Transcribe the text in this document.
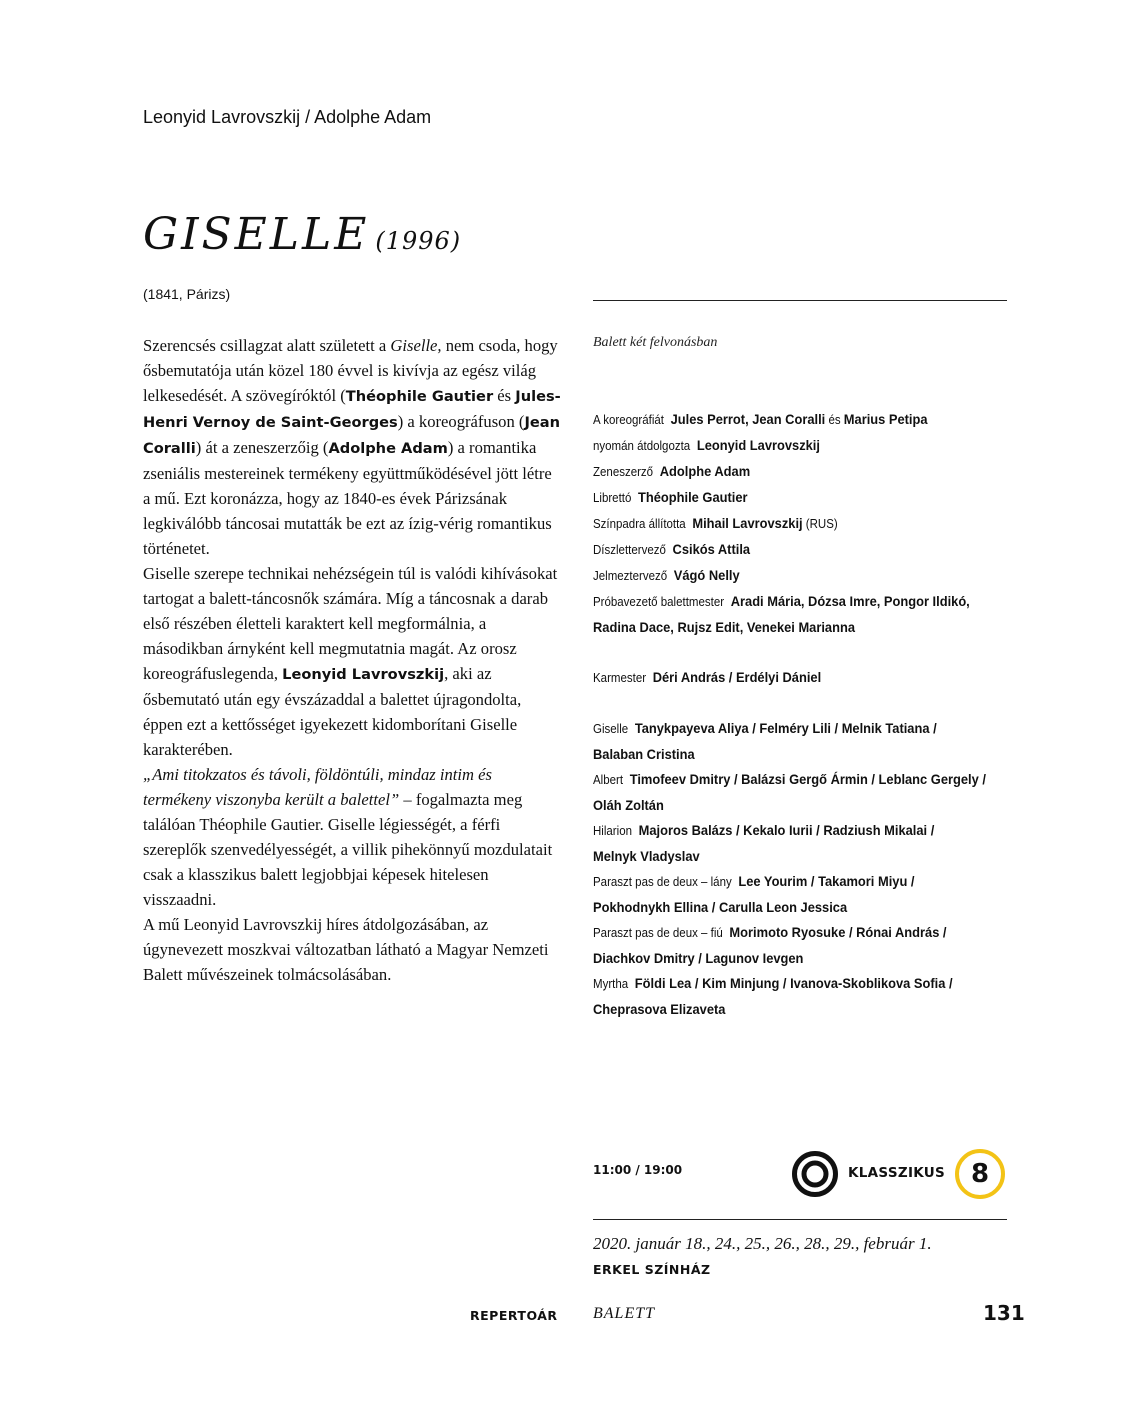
Leonyid Lavrovszkij / Adolphe Adam
GISELLE (1996)
(1841, Párizs)

Szerencsés csillagzat alatt született a Giselle, nem csoda, hogy ősbemutatója után közel 180 évvel is kivívja az egész világ lelkesedését. A szövegíróktól (Théophile Gautier és Jules-Henri Vernoy de Saint-Georges) a koreográfuson (Jean Coralli) át a zeneszerzőig (Adolphe Adam) a romantika zseniális mestereinek termékeny együttműködésével jött létre a mű. Ezt koronázza, hogy az 1840-es évek Párizsának legkiválóbb táncosai mutatták be ezt az ízig-vérig romantikus történetet.

Giselle szerepe technikai nehézségein túl is valódi kihívásokat tartogat a balett-táncosnők számára. Míg a táncosnak a darab első részében életteli karaktert kell megformálnia, a másodikban árnyként kell megmutatnia magát. Az orosz koreográfuslegenda, Leonyid Lavrovszkij, aki az ősbemutató után egy évszázaddal a balettet újragondolta, éppen ezt a kettősséget igyekezett kidomborítani Giselle karakterében.

„Ami titokzatos és távoli, földöntúli, mindaz intim és termékeny viszonyba került a balettel” – fogalmazta meg találóan Théophile Gautier. Giselle légiességét, a férfi szereplők szenvedélyességét, a villik pihekönnyű mozdulatait csak a klasszikus balett legjobbjai képesek hitelesen visszaadni.

A mű Leonyid Lavrovszkij híres átdolgozásában, az úgynevezett moszkvai változatban látható a Magyar Nemzeti Balett művészeinek tolmácsolásában.

Balett két felvonásban
A koreográfiát Jules Perrot, Jean Coralli és Marius Petipa
nyomán átdolgozta Leonyid Lavrovszkij
Zeneszerző Adolphe Adam
Librettó Théophile Gautier
Színpadra állította Mihail Lavrovszkij (RUS)
Díszlettervező Csikós Attila
Jelmeztervező Vágó Nelly
Próbavezető balettmester Aradi Mária, Dózsa Imre, Pongor Ildikó,
Radina Dace, Rujsz Edit, Venekei Marianna
Karmester Déri András / Erdélyi Dániel
Giselle Tanykpayeva Aliya / Felméry Lili / Melnik Tatiana /
Balaban Cristina
Albert Timofeev Dmitry / Balázsi Gergő Ármin / Leblanc Gergely /
Oláh Zoltán
Hilarion Majoros Balázs / Kekalo Iurii / Radziush Mikalai /
Melnyk Vladyslav
Paraszt pas de deux – lány Lee Yourim / Takamori Miyu /
Pokhodnykh Ellina / Carulla Leon Jessica
Paraszt pas de deux – fiú Morimoto Ryosuke / Rónai András /
Diachkov Dmitry / Lagunov Ievgen
Myrtha Földi Lea / Kim Minjung / Ivanova-Skoblikova Sofia /
Cheprasova Elizaveta
11:00 / 19:00	KLASSZIKUS 8
2020. január 18., 24., 25., 26., 28., 29., február 1.
ERKEL SZÍNHÁZ
REPERTOÁR BALETT	131
